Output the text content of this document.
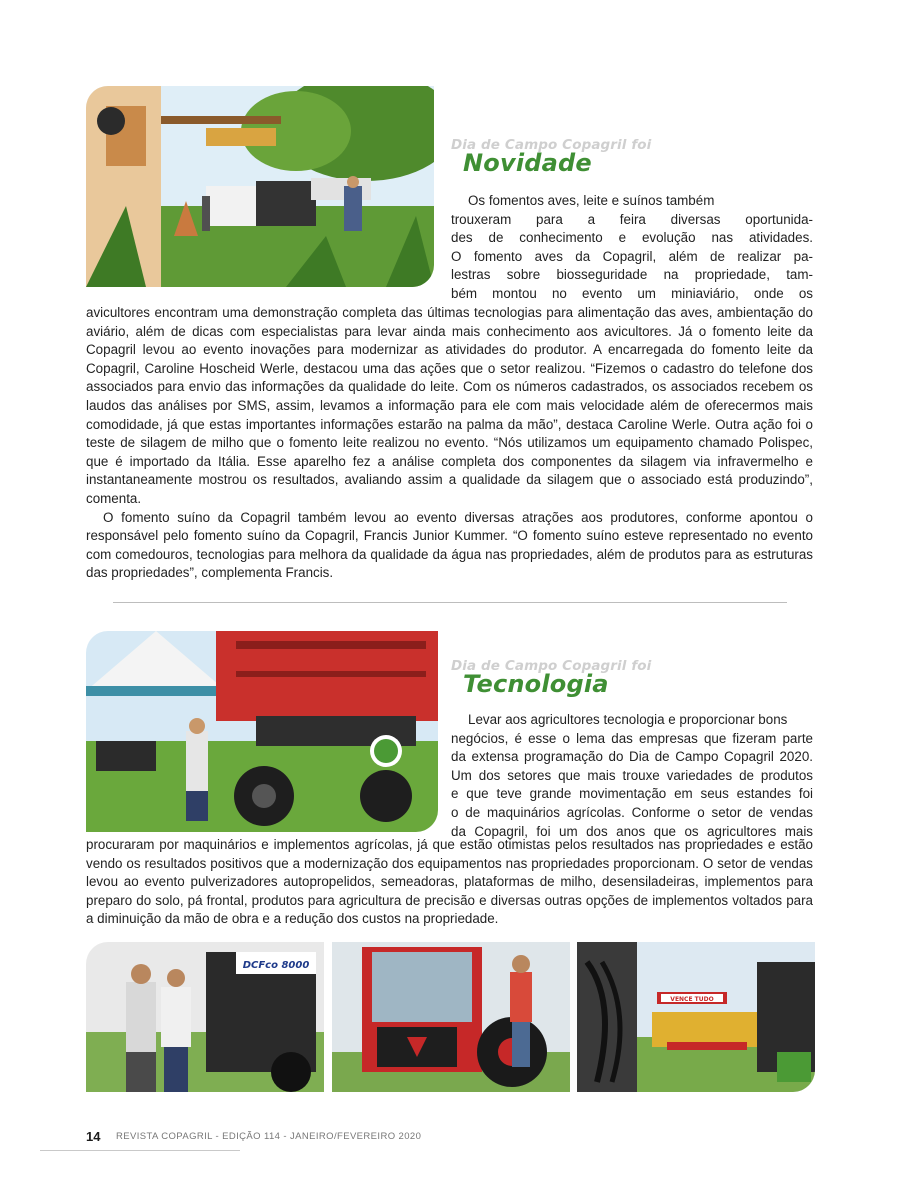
Dia de Campo Copagril foi
Novidade

Os fomentos aves, leite e suínos também

trouxeram para a feira diversas oportunida-

des de conhecimento e evolução nas atividades.

O fomento aves da Copagril, além de realizar pa-

lestras sobre biosseguridade na propriedade, tam-

bém montou no evento um miniaviário, onde os

avicultores encontram uma demonstração completa das últimas tecnologias para alimentação das aves, ambientação do aviário, além de dicas com especialistas para levar ainda mais conhecimento aos avicultores. Já o fomento leite da Copagril levou ao evento inovações para modernizar as atividades do produtor. A encarregada do fomento leite da Copagril, Caroline Hoscheid Werle, destacou uma das ações que o setor realizou. “Fizemos o cadastro do telefone dos associados para envio das informações da qualidade do leite. Com os números cadastrados, os associados recebem os laudos das análises por SMS, assim, levamos a informação para ele com mais velocidade além de oferecermos mais comodidade, já que estas importantes informações estarão na palma da mão”, destaca Caroline Werle. Outra ação foi o teste de silagem de milho que o fomento leite realizou no evento. “Nós utilizamos um equipamento chamado Polispec, que é importado da Itália. Esse aparelho fez a análise completa dos componentes da silagem via infravermelho e instantaneamente mostrou os resultados, avaliando assim a qualidade da silagem que o associado está produzindo”, comenta.

O fomento suíno da Copagril também levou ao evento diversas atrações aos produtores, conforme apontou o responsável pelo fomento suíno da Copagril, Francis Junior Kummer. “O fomento suíno esteve representado no evento com comedouros, tecnologias para melhora da qualidade da água nas propriedades, além de produtos para as estruturas das propriedades”, complementa Francis.

Dia de Campo Copagril foi
Tecnologia

Levar aos agricultores tecnologia e proporcionar bons

negócios, é esse o lema das empresas que fizeram parte

da extensa programação do Dia de Campo Copagril 2020.

Um dos setores que mais trouxe variedades de produtos

e que teve grande movimentação em seus estandes foi

o de maquinários agrícolas. Conforme o setor de vendas

da Copagril, foi um dos anos que os agricultores mais

procuraram por maquinários e implementos agrícolas, já que estão otimistas pelos resultados nas propriedades e estão vendo os resultados positivos que a modernização dos equipamentos nas propriedades proporcionam. O setor de vendas levou ao evento pulverizadores autopropelidos, semeadoras, plataformas de milho, desensiladeiras, implementos para preparo do solo, pá frontal, produtos para agricultura de precisão e diversas outras opções de implementos voltados para a diminuição da mão de obra e a redução dos custos na propriedade.

DCFco 8000
VENCE TUDO
14 REVISTA COPAGRIL - EDIÇÃO 114 - JANEIRO/FEVEREIRO 2020
